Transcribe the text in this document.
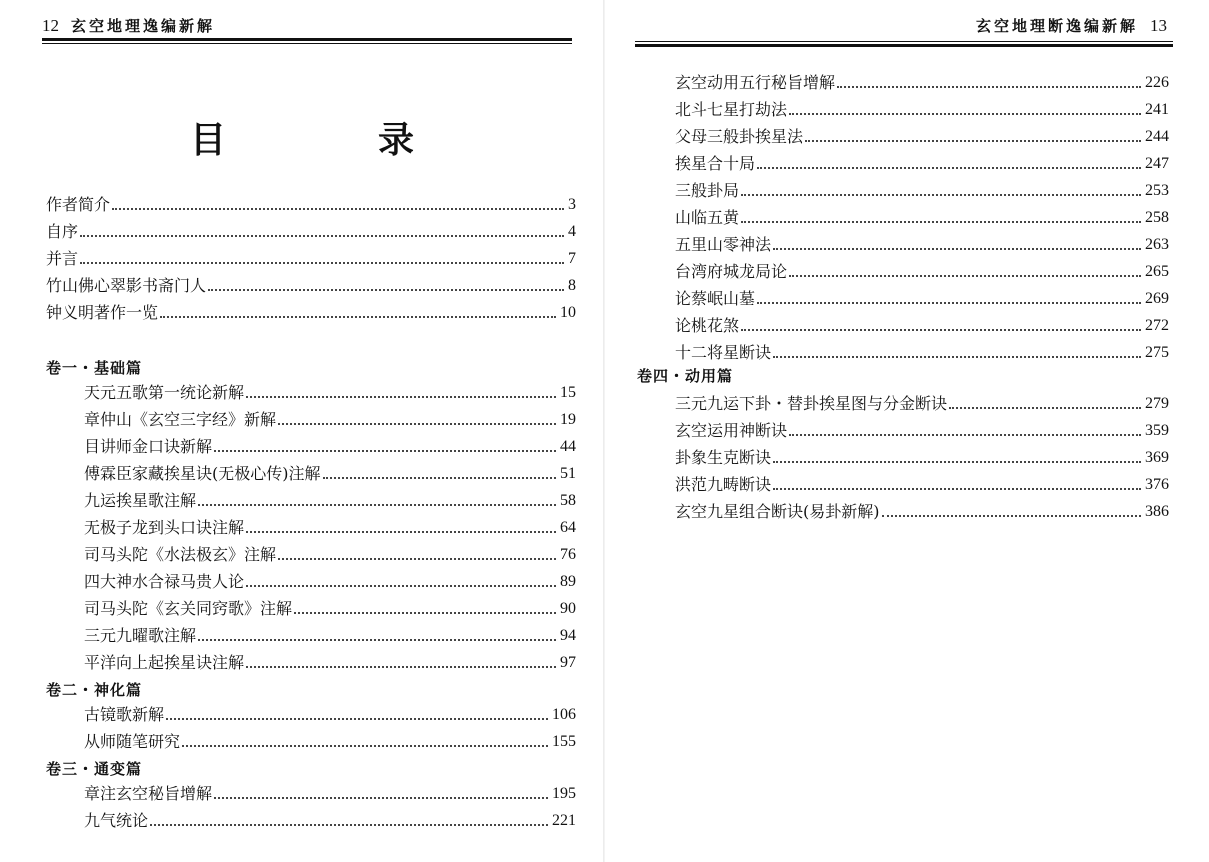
12 玄空地理逸编新解
目　录
作者简介	3
自序	4
并言	7
竹山佛心翠影书斋门人	8
钟义明著作一览	10
卷一・基础篇
天元五歌第一统论新解	15
章仲山《玄空三字经》新解	19
目讲师金口诀新解	44
傅霖臣家藏挨星诀(无极心传)注解	51
九运挨星歌注解	58
无极子龙到头口诀注解	64
司马头陀《水法极玄》注解	76
四大神水合禄马贵人论	89
司马头陀《玄关同窍歌》注解	90
三元九曜歌注解	94
平洋向上起挨星诀注解	97
卷二・神化篇
古镜歌新解	106
从师随笔研究	155
卷三・通变篇
章注玄空秘旨增解	195
九气统论	221
玄空地理断逸编新解 13
玄空动用五行秘旨增解	226
北斗七星打劫法	241
父母三般卦挨星法	244
挨星合十局	247
三般卦局	253
山临五黄	258
五里山零神法	263
台湾府城龙局论	265
论蔡岷山墓	269
论桃花煞	272
十二将星断诀	275
卷四・动用篇
三元九运下卦・替卦挨星图与分金断诀	279
玄空运用神断诀	359
卦象生克断诀	369
洪范九畴断诀	376
玄空九星组合断诀(易卦新解)	386
